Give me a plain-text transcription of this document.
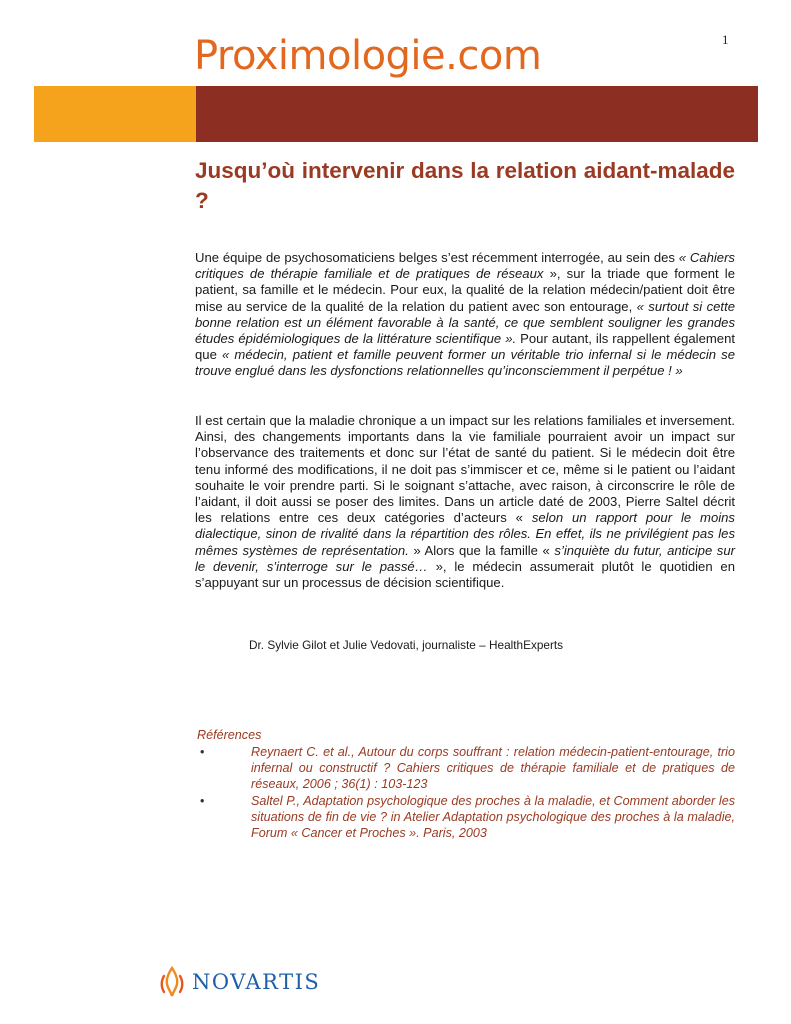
1
Proximologie.com
Jusqu’où intervenir dans la relation aidant-malade ?

Une équipe de psychosomaticiens belges s’est récemment interrogée, au sein des « Cahiers critiques de thérapie familiale et de pratiques de réseaux », sur la triade que forment le patient, sa famille et le médecin. Pour eux, la qualité de la relation médecin/patient doit être mise au service de la qualité de la relation du patient avec son entourage, « surtout si cette bonne relation est un élément favorable à la santé, ce que semblent souligner les grandes études épidémiologiques de la littérature scientifique ». Pour autant, ils rappellent également que « médecin, patient et famille peuvent former un véritable trio infernal si le médecin se trouve englué dans les dysfonctions relationnelles qu’inconsciemment il perpétue ! »

Il est certain que la maladie chronique a un impact sur les relations familiales et inversement. Ainsi, des changements importants dans la vie familiale pourraient avoir un impact sur l’observance des traitements et donc sur l’état de santé du patient. Si le médecin doit être tenu informé des modifications, il ne doit pas s’immiscer et ce, même si le patient ou l’aidant souhaite le voir prendre parti. Si le soignant s’attache, avec raison, à circonscrire le rôle de l’aidant, il doit aussi se poser des limites. Dans un article daté de 2003, Pierre Saltel décrit les relations entre ces deux catégories d’acteurs « selon un rapport pour le moins dialectique, sinon de rivalité dans la répartition des rôles. En effet, ils ne privilégient pas les mêmes systèmes de représentation. » Alors que la famille « s’inquiète du futur, anticipe sur le devenir, s’interroge sur le passé… », le médecin assumerait plutôt le quotidien en s’appuyant sur un processus de décision scientifique.

Dr. Sylvie Gilot et Julie Vedovati, journaliste – HealthExperts
Références
•	Reynaert C. et al., Autour du corps souffrant : relation médecin-patient-entourage, trio infernal ou constructif ? Cahiers critiques de thérapie familiale et de pratiques de réseaux, 2006 ; 36(1) : 103-123
•	Saltel P., Adaptation psychologique des proches à la maladie, et Comment aborder les situations de fin de vie ? in Atelier Adaptation psychologique des proches à la maladie, Forum « Cancer et Proches ». Paris, 2003
NOVARTIS
